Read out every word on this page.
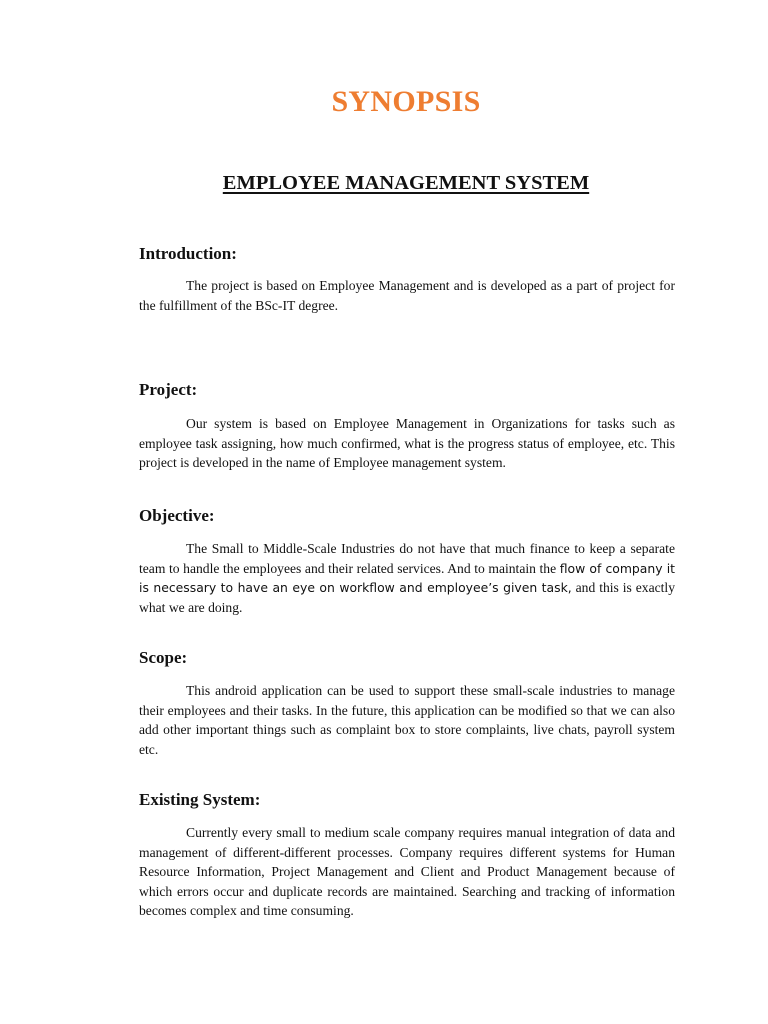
SYNOPSIS
EMPLOYEE MANAGEMENT SYSTEM
Introduction:
The project is based on Employee Management and is developed as a part of project for the fulfillment of the BSc-IT degree.
Project:
Our system is based on Employee Management in Organizations for tasks such as employee task assigning, how much confirmed, what is the progress status of employee, etc. This project is developed in the name of Employee management system.
Objective:
The Small to Middle-Scale Industries do not have that much finance to keep a separate team to handle the employees and their related services. And to maintain the flow of company it is necessary to have an eye on workflow and employee’s given task, and this is exactly what we are doing.
Scope:
This android application can be used to support these small-scale industries to manage their employees and their tasks. In the future, this application can be modified so that we can also add other important things such as complaint box to store complaints, live chats, payroll system etc.
Existing System:
Currently every small to medium scale company requires manual integration of data and management of different-different processes. Company requires different systems for Human Resource Information, Project Management and Client and Product Management because of which errors occur and duplicate records are maintained. Searching and tracking of information becomes complex and time consuming.
